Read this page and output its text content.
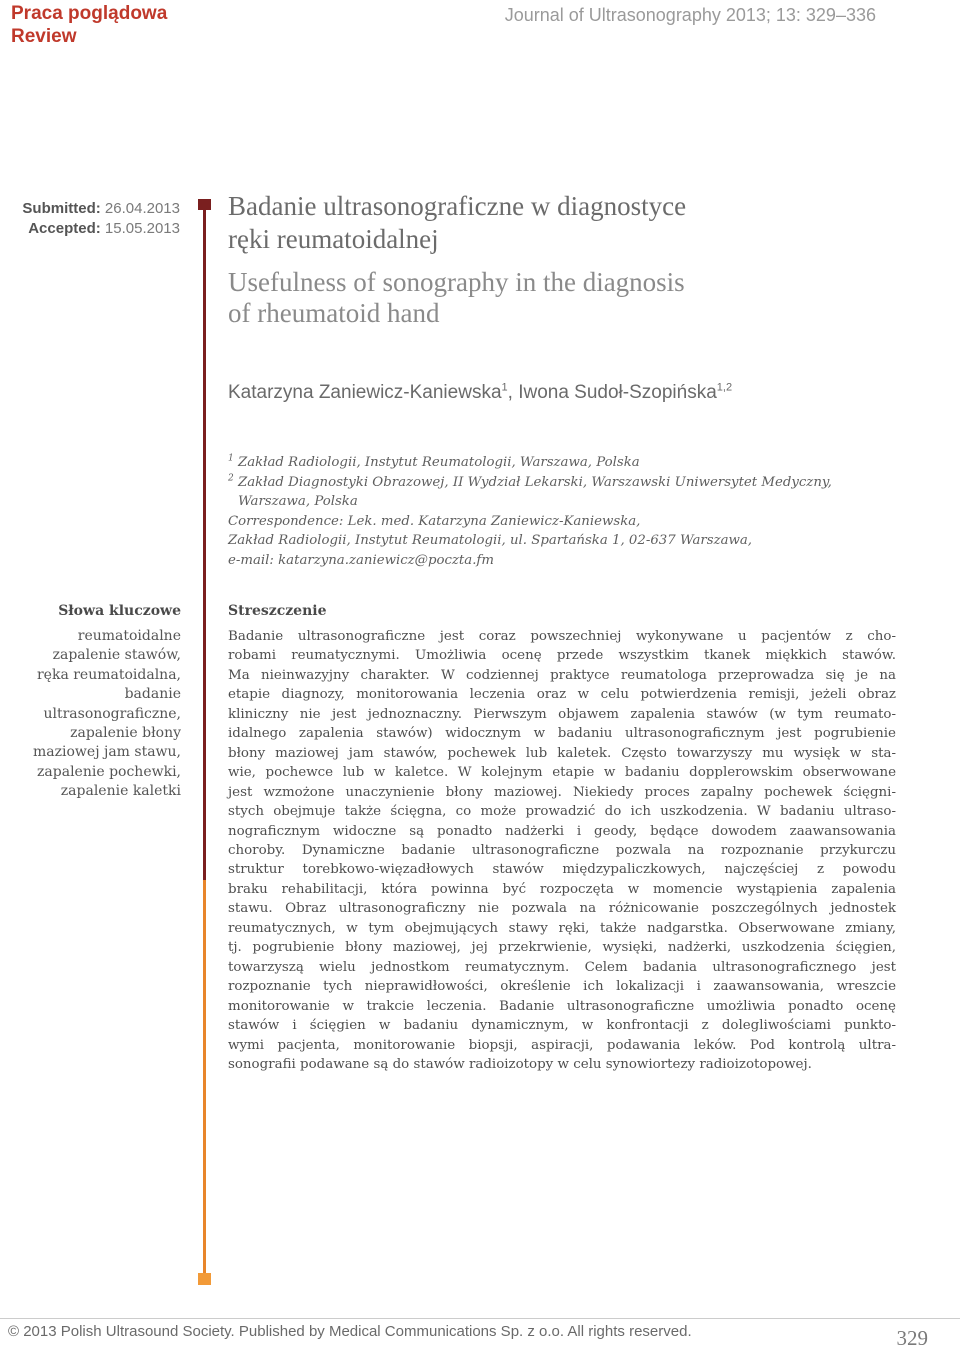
Praca poglądowa
Review
Journal of Ultrasonography 2013; 13: 329–336
Submitted: 26.04.2013
Accepted: 15.05.2013
Badanie ultrasonograficzne w diagnostyce
ręki reumatoidalnej
Usefulness of sonography in the diagnosis
of rheumatoid hand
Katarzyna Zaniewicz-Kaniewska$^1$, Iwona Sudoł-Szopińska$^{1,2}$
$^1$ Zakład Radiologii, Instytut Reumatologii, Warszawa, Polska
$^2$ Zakład Diagnostyki Obrazowej, II Wydział Lekarski, Warszawski Uniwersytet Medyczny,
Warszawa, Polska
Correspondence: Lek. med. Katarzyna Zaniewicz-Kaniewska,
Zakład Radiologii, Instytut Reumatologii, ul. Spartańska 1, 02-637 Warszawa,
e-mail: katarzyna.zaniewicz@poczta.fm
Słowa kluczowe
reumatoidalne
zapalenie stawów,
ręka reumatoidalna,
badanie
ultrasonograficzne,
zapalenie błony
maziowej jam stawu,
zapalenie pochewki,
zapalenie kaletki
Streszczenie
Badanie ultrasonograficzne jest coraz powszechniej wykonywane u pacjentów z cho-
robami reumatycznymi. Umożliwia ocenę przede wszystkim tkanek miękkich stawów.
Ma nieinwazyjny charakter. W codziennej praktyce reumatologa przeprowadza się je na
etapie diagnozy, monitorowania leczenia oraz w celu potwierdzenia remisji, jeżeli obraz
kliniczny nie jest jednoznaczny. Pierwszym objawem zapalenia stawów (w tym reumato-
idalnego zapalenia stawów) widocznym w badaniu ultrasonograficznym jest pogrubienie
błony maziowej jam stawów, pochewek lub kaletek. Często towarzyszy mu wysięk w sta-
wie, pochewce lub w kaletce. W kolejnym etapie w badaniu dopplerowskim obserwowane
jest wzmożone unaczynienie błony maziowej. Niekiedy proces zapalny pochewek ścięgni-
stych obejmuje także ścięgna, co może prowadzić do ich uszkodzenia. W badaniu ultraso-
nograficznym widoczne są ponadto nadżerki i geody, będące dowodem zaawansowania
choroby. Dynamiczne badanie ultrasonograficzne pozwala na rozpoznanie przykurczu
struktur torebkowo-więzadłowych stawów międzypaliczkowych, najczęściej z powodu
braku rehabilitacji, która powinna być rozpoczęta w momencie wystąpienia zapalenia
stawu. Obraz ultrasonograficzny nie pozwala na różnicowanie poszczególnych jednostek
reumatycznych, w tym obejmujących stawy ręki, także nadgarstka. Obserwowane zmiany,
tj. pogrubienie błony maziowej, jej przekrwienie, wysięki, nadżerki, uszkodzenia ścięgien,
towarzyszą wielu jednostkom reumatycznym. Celem badania ultrasonograficznego jest
rozpoznanie tych nieprawidłowości, określenie ich lokalizacji i zaawansowania, wreszcie
monitorowanie w trakcie leczenia. Badanie ultrasonograficzne umożliwia ponadto ocenę
stawów i ścięgien w badaniu dynamicznym, w konfrontacji z dolegliwościami punkto-
wymi pacjenta, monitorowanie biopsji, aspiracji, podawania leków. Pod kontrolą ultra-
sonografii podawane są do stawów radioizotopy w celu synowiortezy radioizotopowej.
© 2013 Polish Ultrasound Society. Published by Medical Communications Sp. z o.o. All rights reserved.	329
